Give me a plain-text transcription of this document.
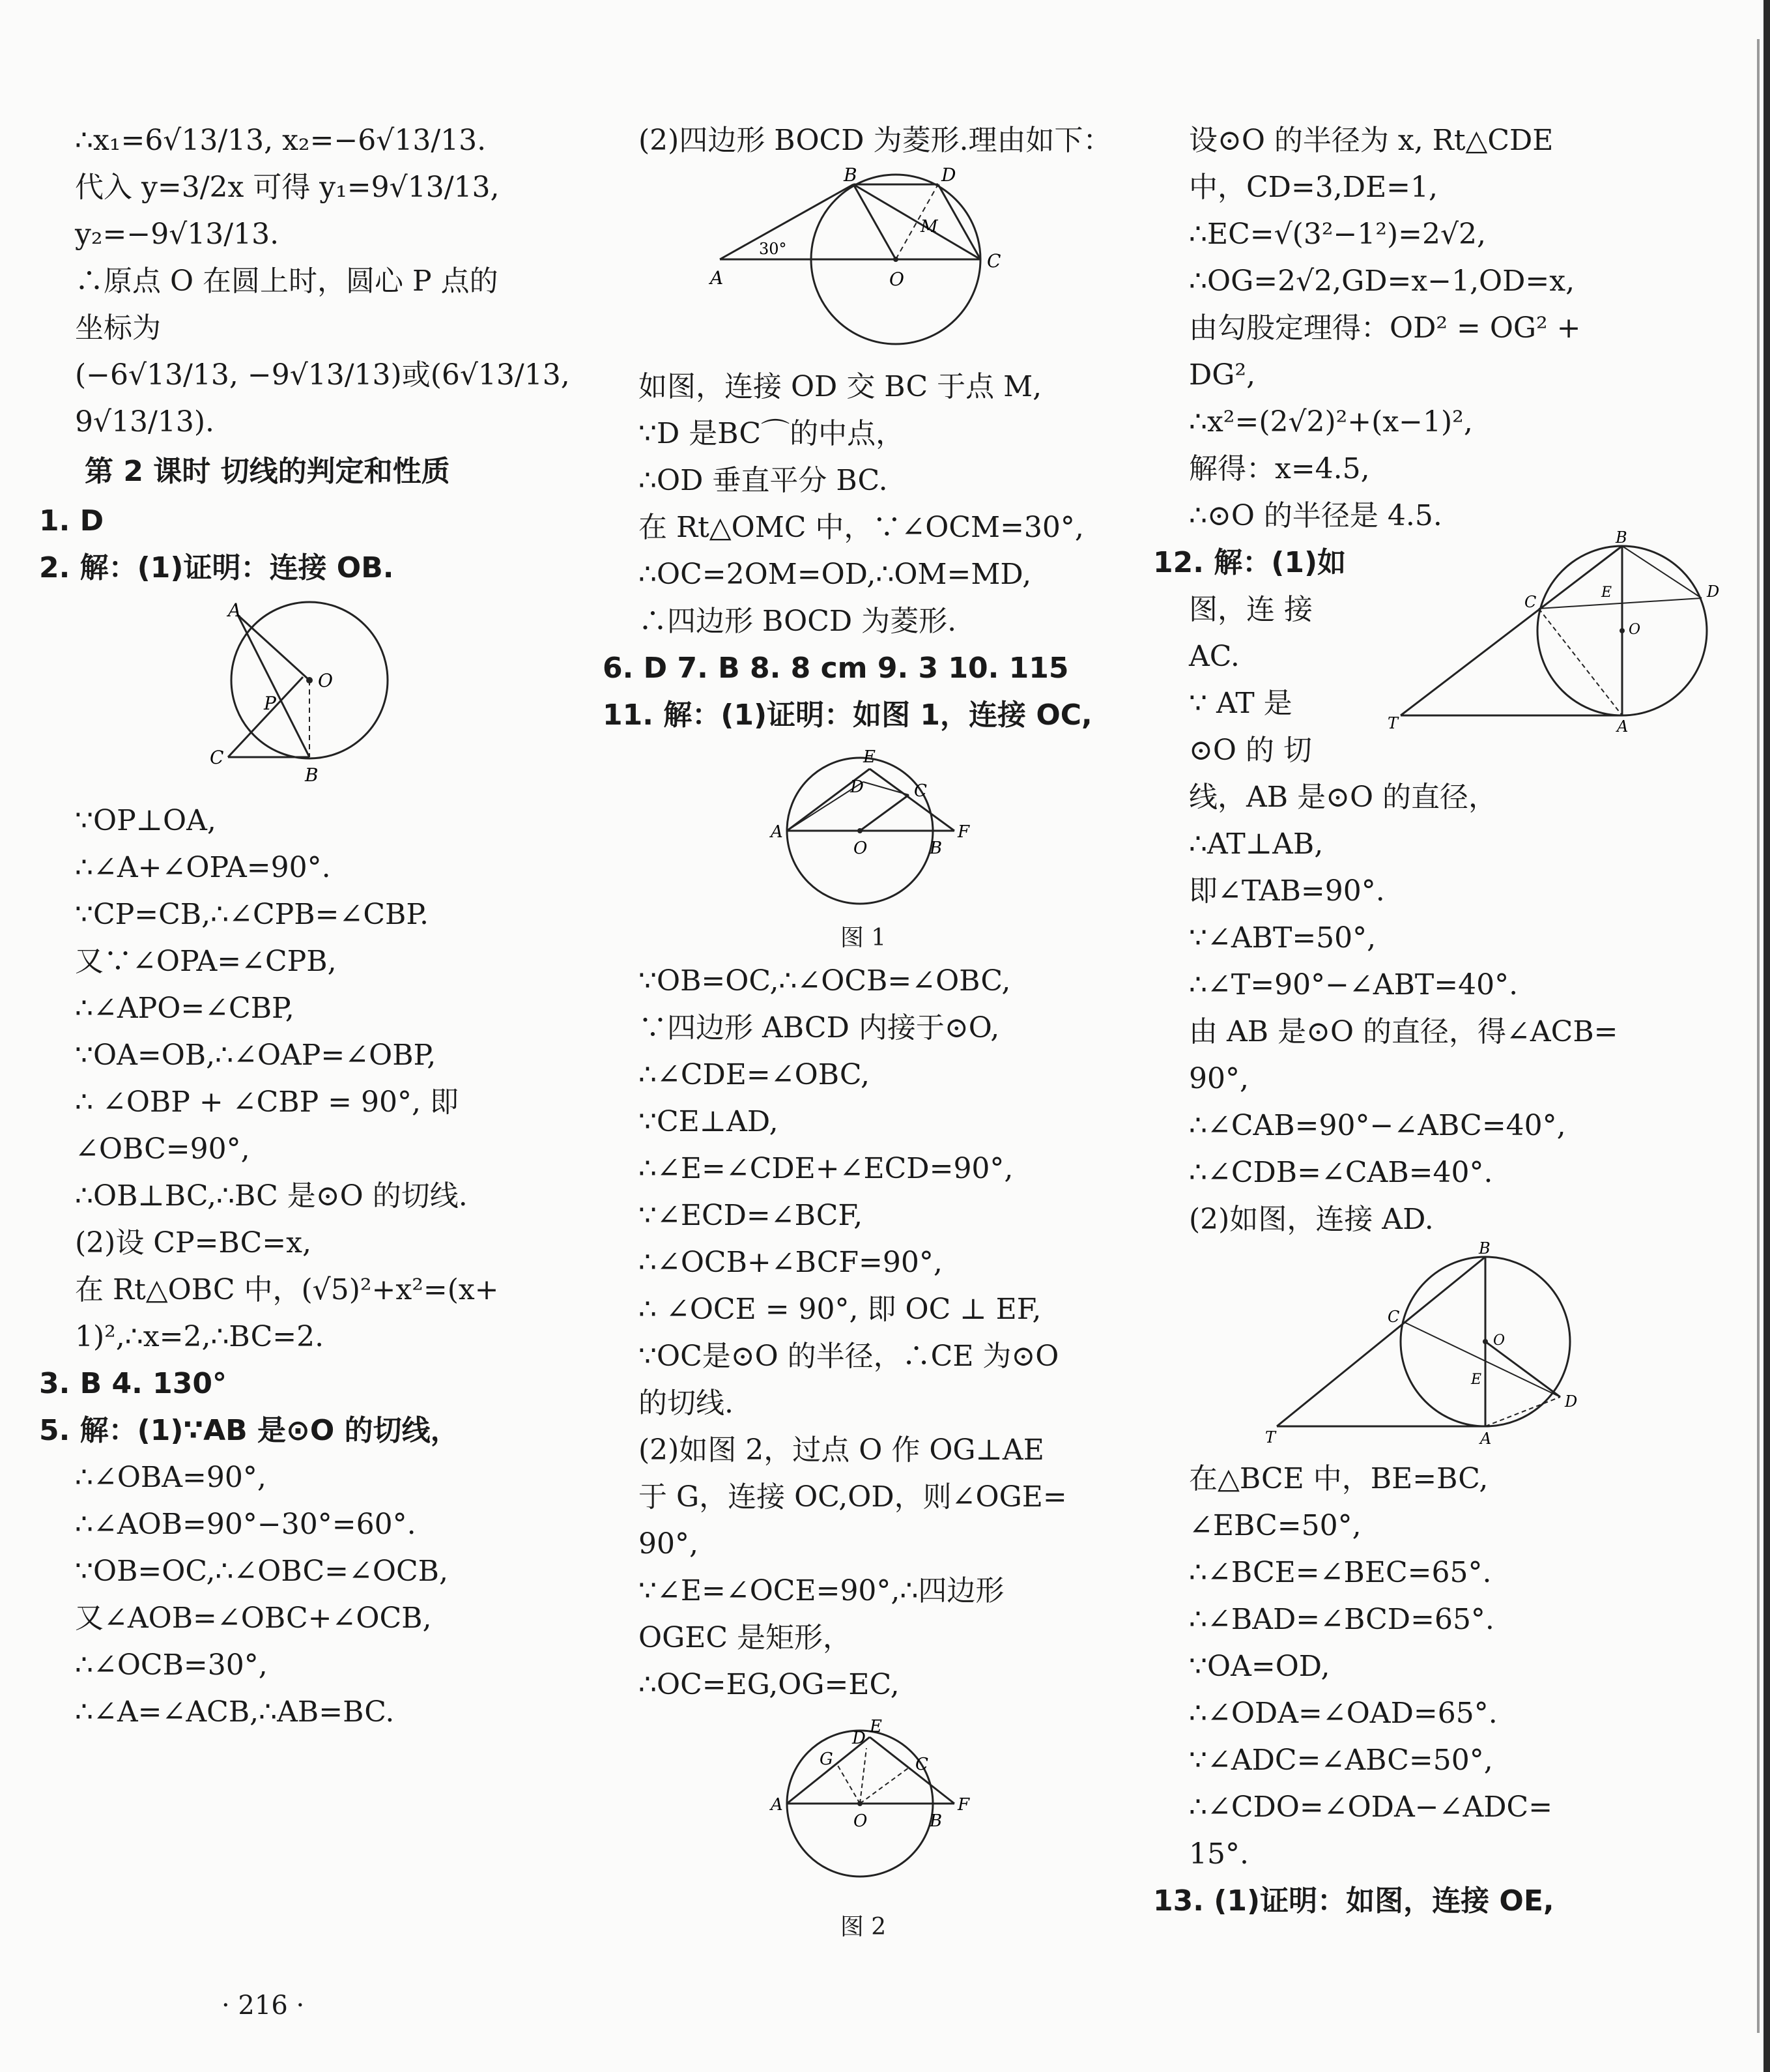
∴x₁=6√13/13, x₂=−6√13/13.
代入 y=3/2x 可得 y₁=9√13/13,
y₂=−9√13/13.
∴原点 O 在圆上时，圆心 P 点的
坐标为
(−6√13/13, −9√13/13)或(6√13/13,
9√13/13).
第 2 课时 切线的判定和性质
1. D
2. 解：(1)证明：连接 OB.
A
O
P
C
B
∵OP⊥OA,
∴∠A+∠OPA=90°.
∵CP=CB,∴∠CPB=∠CBP.
又∵∠OPA=∠CPB,
∴∠APO=∠CBP,
∵OA=OB,∴∠OAP=∠OBP,
∴ ∠OBP + ∠CBP = 90°, 即
∠OBC=90°,
∴OB⊥BC,∴BC 是⊙O 的切线.
(2)设 CP=BC=x,
在 Rt△OBC 中，(√5)²+x²=(x+
1)²,∴x=2,∴BC=2.
3. B 4. 130°
5. 解：(1)∵AB 是⊙O 的切线，
∴∠OBA=90°,
∴∠AOB=90°−30°=60°.
∵OB=OC,∴∠OBC=∠OCB,
又∠AOB=∠OBC+∠OCB,
∴∠OCB=30°,
∴∠A=∠ACB,∴AB=BC.
(2)四边形 BOCD 为菱形.理由如下：
30°
A
B	D
M
O
C
如图，连接 OD 交 BC 于点 M,
∵D 是BC⌒的中点，
∴OD 垂直平分 BC.
在 Rt△OMC 中，∵∠OCM=30°,
∴OC=2OM=OD,∴OM=MD,
∴四边形 BOCD 为菱形.
6. D 7. B 8. 8 cm 9. 3 10. 115
11. 解：(1)证明：如图 1，连接 OC,
E
D	C
A
O	B
F
图 1
∵OB=OC,∴∠OCB=∠OBC,
∵四边形 ABCD 内接于⊙O,
∴∠CDE=∠OBC,
∵CE⊥AD,
∴∠E=∠CDE+∠ECD=90°,
∵∠ECD=∠BCF,
∴∠OCB+∠BCF=90°,
∴ ∠OCE = 90°, 即 OC ⊥ EF,
∵OC是⊙O 的半径，∴CE 为⊙O
的切线.
(2)如图 2，过点 O 作 OG⊥AE
于 G，连接 OC,OD，则∠OGE=
90°,
∵∠E=∠OCE=90°,∴四边形
OGEC 是矩形，
∴OC=EG,OG=EC,
E
D
G	C
A
O	B
F
图 2
设⊙O 的半径为 x, Rt△CDE
中，CD=3,DE=1,
∴EC=√(3²−1²)=2√2,
∴OG=2√2,GD=x−1,OD=x,
由勾股定理得：OD² = OG² +
DG²,
∴x²=(2√2)²+(x−1)²,
解得：x=4.5,
∴⊙O 的半径是 4.5.
12. 解：(1)如
图，连 接
AC.
∵ AT 是
⊙O 的 切
B
D
C
E
O
T	A
线，AB 是⊙O 的直径，
∴AT⊥AB,
即∠TAB=90°.
∵∠ABT=50°,
∴∠T=90°−∠ABT=40°.
由 AB 是⊙O 的直径，得∠ACB=
90°,
∴∠CAB=90°−∠ABC=40°,
∴∠CDB=∠CAB=40°.
(2)如图，连接 AD.
B
C
O
E
D
T	A
在△BCE 中，BE=BC,
∠EBC=50°,
∴∠BCE=∠BEC=65°.
∴∠BAD=∠BCD=65°.
∵OA=OD,
∴∠ODA=∠OAD=65°.
∵∠ADC=∠ABC=50°,
∴∠CDO=∠ODA−∠ADC=
15°.
13. (1)证明：如图，连接 OE,
· 216 ·
